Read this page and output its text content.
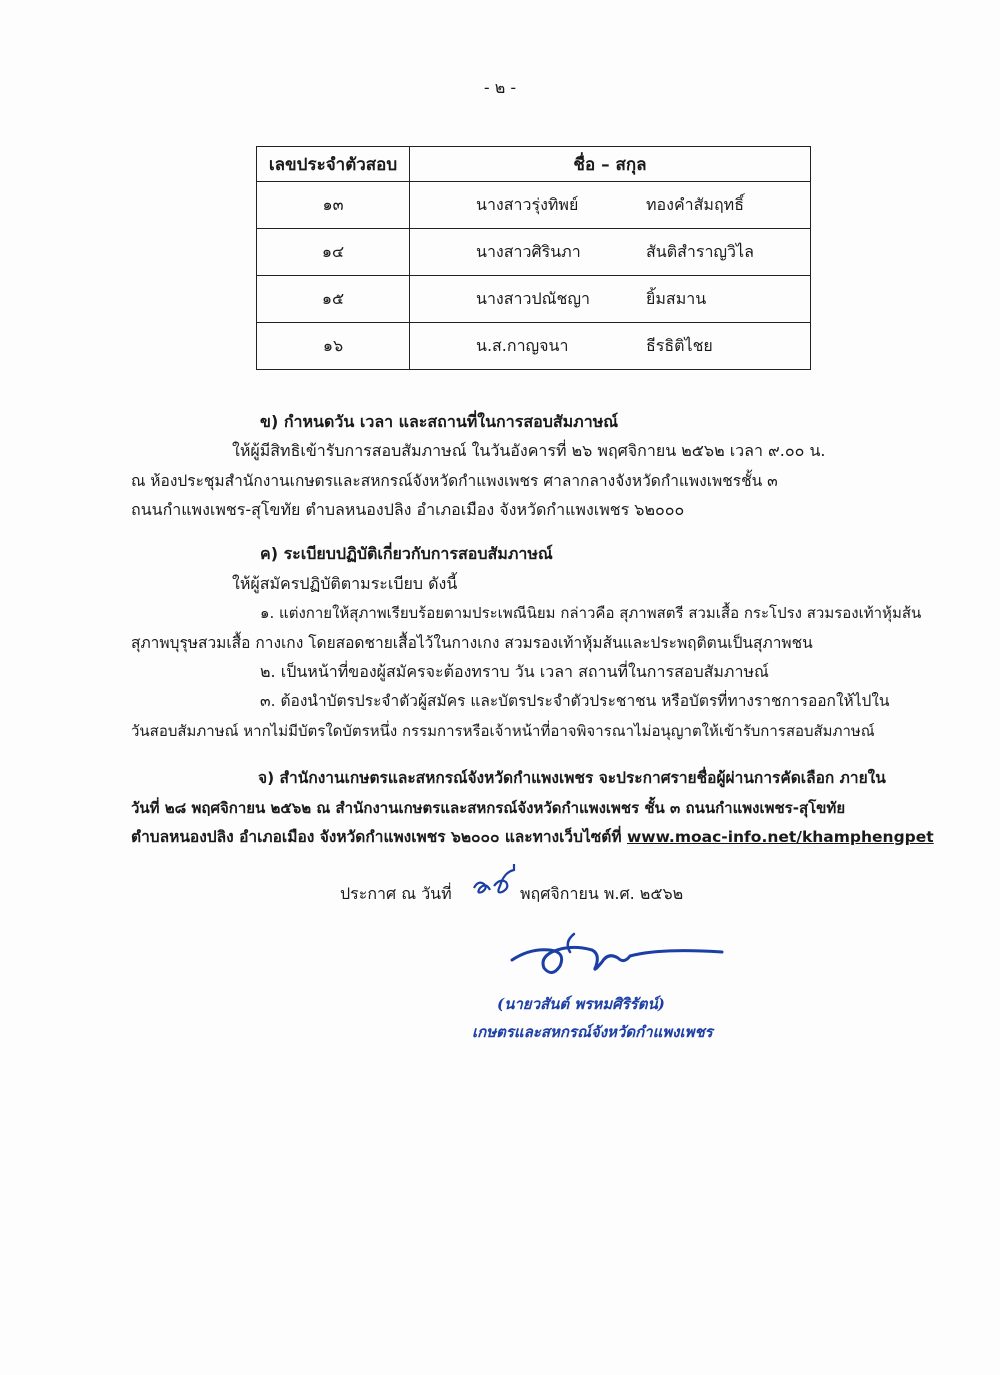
- ๒ -
เลขประจำตัวสอบ	ชื่อ – สกุล
๑๓	นางสาวรุ่งทิพย์ ทองคำสัมฤทธิ์

๑๔	นางสาวศิรินภา สันติสำราญวิไล

๑๕	นางสาวปณัชญา ยิ้มสมาน

๑๖	น.ส.กาญจนา ธีรธิติไชย
ข) กำหนดวัน เวลา และสถานที่ในการสอบสัมภาษณ์
ให้ผู้มีสิทธิเข้ารับการสอบสัมภาษณ์ ในวันอังคารที่ ๒๖ พฤศจิกายน ๒๕๖๒ เวลา ๙.๐๐ น.
ณ ห้องประชุมสำนักงานเกษตรและสหกรณ์จังหวัดกำแพงเพชร ศาลากลางจังหวัดกำแพงเพชรชั้น ๓
ถนนกำแพงเพชร-สุโขทัย ตำบลหนองปลิง อำเภอเมือง จังหวัดกำแพงเพชร ๖๒๐๐๐
ค) ระเบียบปฏิบัติเกี่ยวกับการสอบสัมภาษณ์
ให้ผู้สมัครปฏิบัติตามระเบียบ ดังนี้
๑. แต่งกายให้สุภาพเรียบร้อยตามประเพณีนิยม กล่าวคือ สุภาพสตรี สวมเสื้อ กระโปรง สวมรองเท้าหุ้มส้น
สุภาพบุรุษสวมเสื้อ กางเกง โดยสอดชายเสื้อไว้ในกางเกง สวมรองเท้าหุ้มส้นและประพฤติตนเป็นสุภาพชน
๒. เป็นหน้าที่ของผู้สมัครจะต้องทราบ วัน เวลา สถานที่ในการสอบสัมภาษณ์
๓. ต้องนำบัตรประจำตัวผู้สมัคร และบัตรประจำตัวประชาชน หรือบัตรที่ทางราชการออกให้ไปใน
วันสอบสัมภาษณ์ หากไม่มีบัตรใดบัตรหนึ่ง กรรมการหรือเจ้าหน้าที่อาจพิจารณาไม่อนุญาตให้เข้ารับการสอบสัมภาษณ์
จ) สำนักงานเกษตรและสหกรณ์จังหวัดกำแพงเพชร จะประกาศรายชื่อผู้ผ่านการคัดเลือก ภายใน
วันที่ ๒๘ พฤศจิกายน ๒๕๖๒ ณ สำนักงานเกษตรและสหกรณ์จังหวัดกำแพงเพชร ชั้น ๓ ถนนกำแพงเพชร-สุโขทัย
ตำบลหนองปลิง อำเภอเมือง จังหวัดกำแพงเพชร ๖๒๐๐๐ และทางเว็บไซต์ที่ www.moac-info.net/khamphengpet
ประกาศ ณ วันที่	พฤศจิกายน พ.ศ. ๒๕๖๒
(นายวสันต์ พรหมศิริรัตน์)
เกษตรและสหกรณ์จังหวัดกำแพงเพชร
